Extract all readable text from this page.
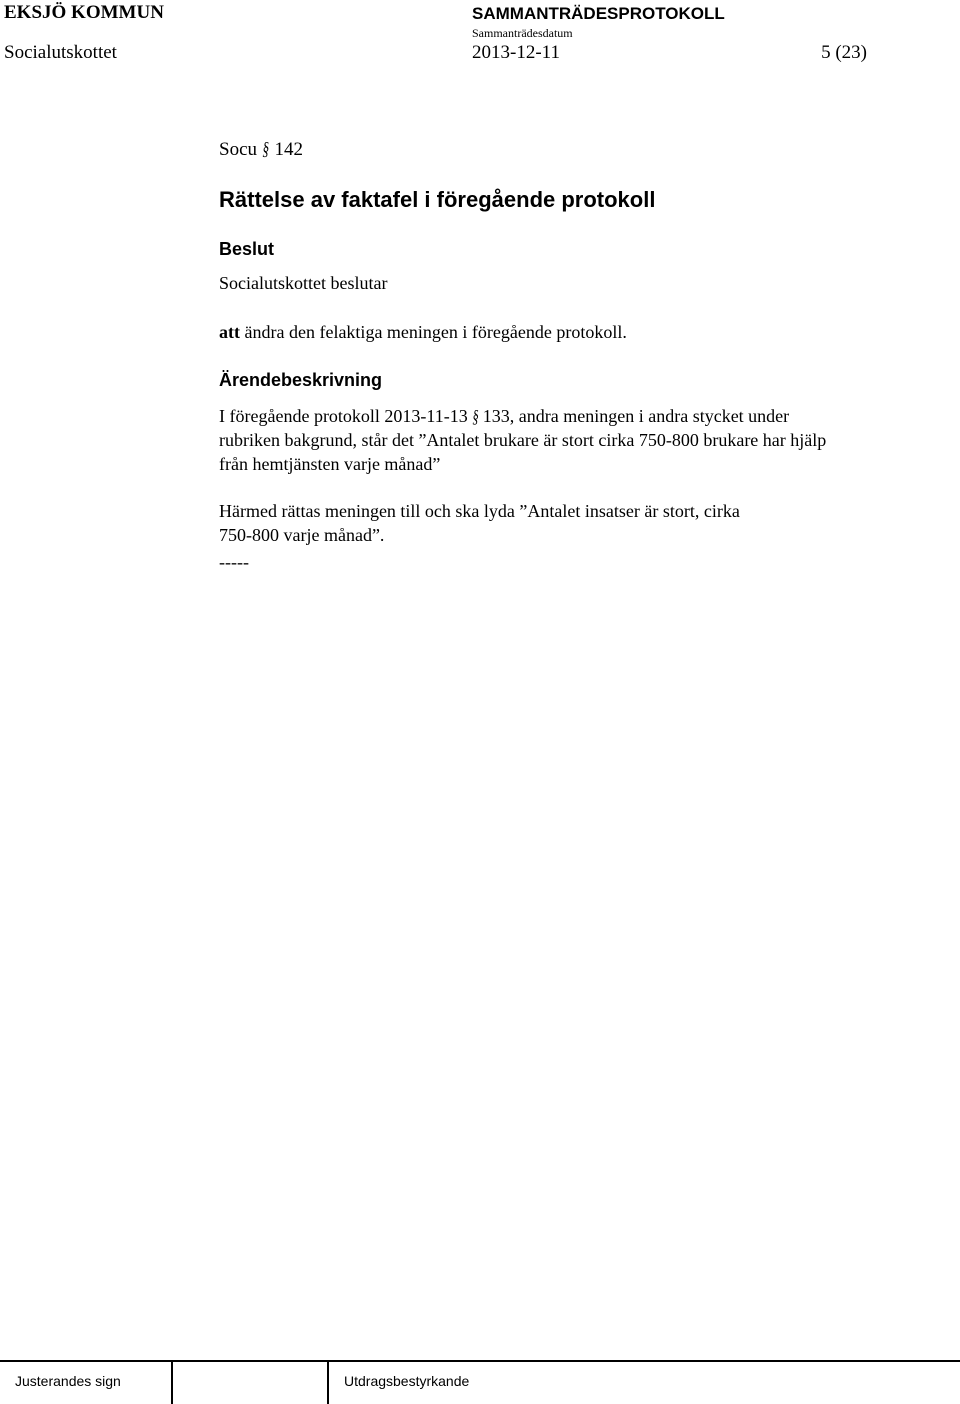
EKSJÖ KOMMUN	SAMMANTRÄDESPROTOKOLL
Sammanträdesdatum
Socialutskottet	2013-12-11	5 (23)
Socu § 142
Rättelse av faktafel i föregående protokoll
Beslut
Socialutskottet beslutar
att ändra den felaktiga meningen i föregående protokoll.
Ärendebeskrivning
I föregående protokoll 2013-11-13 § 133, andra meningen i andra stycket under
rubriken bakgrund, står det ”Antalet brukare är stort cirka 750-800 brukare har hjälp
från hemtjänsten varje månad”
Härmed rättas meningen till och ska lyda ”Antalet insatser är stort, cirka
750-800 varje månad”.
-----
Justerandes sign	Utdragsbestyrkande
